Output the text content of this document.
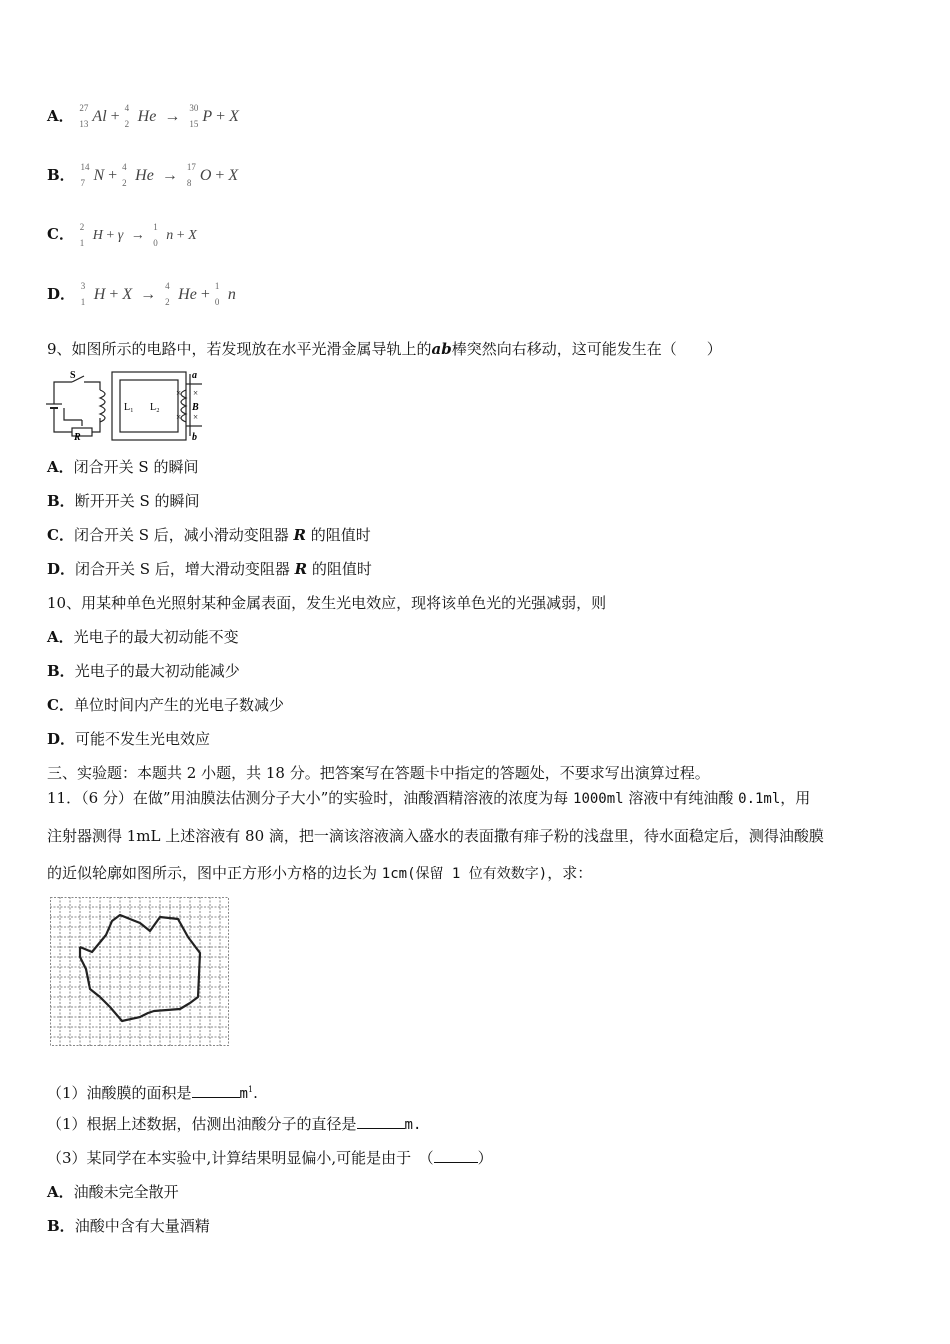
A． 27
13 Al + 4
2 He → 30
15 P + X
B． 14
7 N + 4
2 He → 17
8 O + X
C． 2
1 H + γ →
1
0 n + X
D． 3
1 H + X → 4
2 He + 1
0 n
9、如图所示的电路中，若发现放在水平光滑金属导轨上的ab棒突然向右移动，这可能发生在（　　）
S
R
L₁ L₂
a
b
B
×
×
×
×
A．闭合开关 S 的瞬间
B．断开开关 S 的瞬间
C．闭合开关 S 后，减小滑动变阻器 R 的阻值时
D．闭合开关 S 后，增大滑动变阻器 R 的阻值时
10、用某种单色光照射某种金属表面，发生光电效应，现将该单色光的光强减弱，则
A．光电子的最大初动能不变
B．光电子的最大初动能减少
C．单位时间内产生的光电子数减少
D．可能不发生光电效应
三、实验题：本题共 2 小题，共 18 分。把答案写在答题卡中指定的答题处，不要求写出演算过程。
11．（6 分）在做”用油膜法估测分子大小”的实验时，油酸酒精溶液的浓度为每 1000ml 溶液中有纯油酸 0.1ml，用
注射器测得 1mL 上述溶液有 80 滴，把一滴该溶液滴入盛水的表面撒有痱子粉的浅盘里，待水面稳定后，测得油酸膜
的近似轮廓如图所示，图中正方形小方格的边长为 1cm(保留 1 位有效数字)，求：
（1）油酸膜的面积是	$m^1$.
（1）根据上述数据，估测出油酸分子的直径是	m.
（3）某同学在本实验中,计算结果明显偏小,可能是由于　（	）
A．油酸未完全散开
B．油酸中含有大量酒精
